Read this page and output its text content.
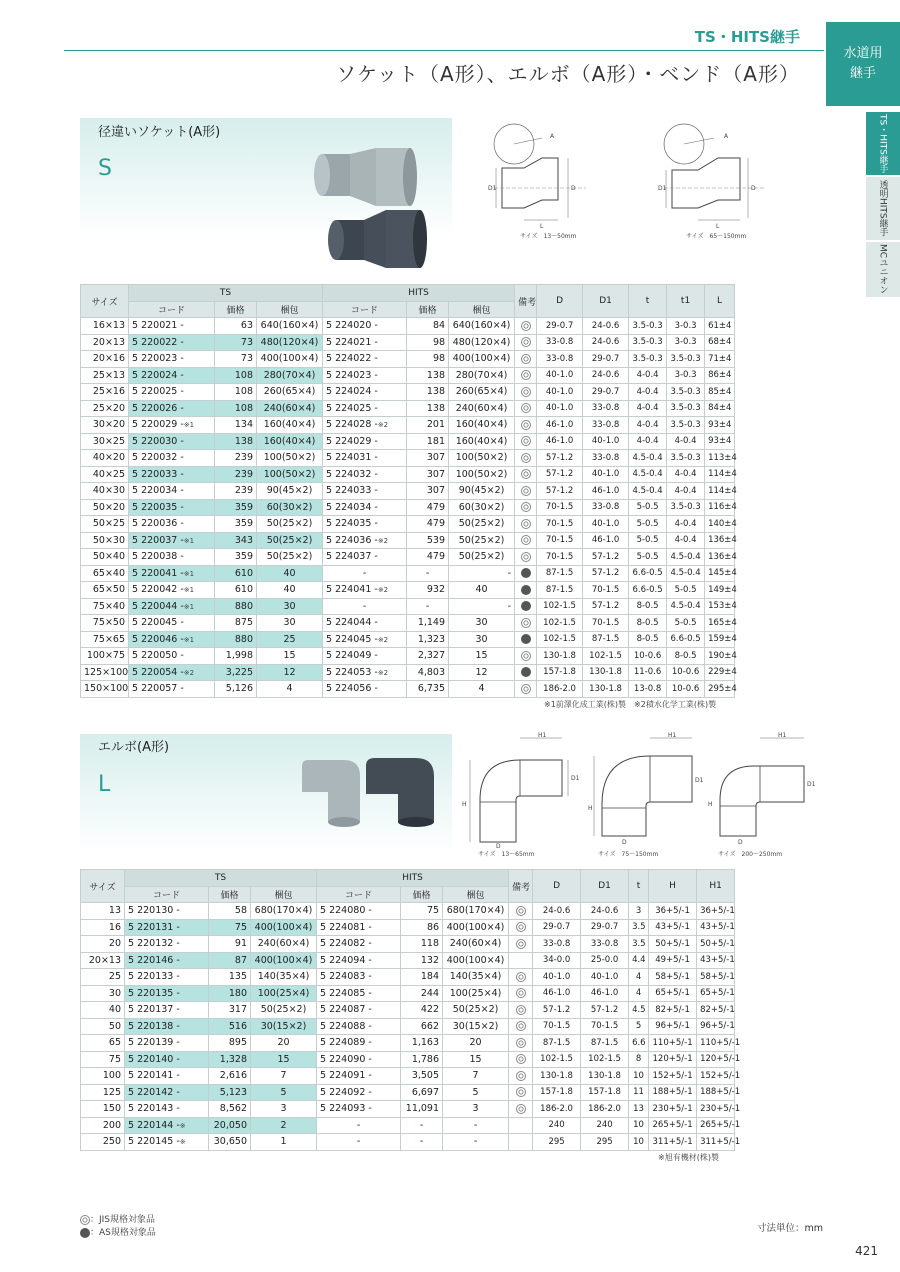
TS・HITS継手
ソケット（A形）、エルボ（A形）・ベンド（A形）
水道用
継手
TS・HITS継手
透明HITS継手
MCユニオン
径違いソケット(A形)
S
A
D
D1
L
サイズ　13〜50mm
A
D
D1
L
サイズ　65〜150mm
サイズ	TS			HITS			備考	D	D1	t	t1	L
	コード	価格	梱包	コード	価格	梱包						
16×13	5 220021 -	63	640(160×4)	5 224020 -	84	640(160×4)		29-0.7	24-0.6	3.5-0.3	3-0.3	61±4
20×13	5 220022 -	73	480(120×4)	5 224021 -	98	480(120×4)		33-0.8	24-0.6	3.5-0.3	3-0.3	68±4
20×16	5 220023 -	73	400(100×4)	5 224022 -	98	400(100×4)		33-0.8	29-0.7	3.5-0.3	3.5-0.3	71±4
25×13	5 220024 -	108	280(70×4)	5 224023 -	138	280(70×4)		40-1.0	24-0.6	4-0.4	3-0.3	86±4
25×16	5 220025 -	108	260(65×4)	5 224024 -	138	260(65×4)		40-1.0	29-0.7	4-0.4	3.5-0.3	85±4
25×20	5 220026 -	108	240(60×4)	5 224025 -	138	240(60×4)		40-1.0	33-0.8	4-0.4	3.5-0.3	84±4
30×20	5 220029 -※1	134	160(40×4)	5 224028 -※2	201	160(40×4)		46-1.0	33-0.8	4-0.4	3.5-0.3	93±4
30×25	5 220030 -	138	160(40×4)	5 224029 -	181	160(40×4)		46-1.0	40-1.0	4-0.4	4-0.4	93±4
40×20	5 220032 -	239	100(50×2)	5 224031 -	307	100(50×2)		57-1.2	33-0.8	4.5-0.4	3.5-0.3	113±4
40×25	5 220033 -	239	100(50×2)	5 224032 -	307	100(50×2)		57-1.2	40-1.0	4.5-0.4	4-0.4	114±4
40×30	5 220034 -	239	90(45×2)	5 224033 -	307	90(45×2)		57-1.2	46-1.0	4.5-0.4	4-0.4	114±4
50×20	5 220035 -	359	60(30×2)	5 224034 -	479	60(30×2)		70-1.5	33-0.8	5-0.5	3.5-0.3	116±4
50×25	5 220036 -	359	50(25×2)	5 224035 -	479	50(25×2)		70-1.5	40-1.0	5-0.5	4-0.4	140±4
50×30	5 220037 -※1	343	50(25×2)	5 224036 -※2	539	50(25×2)		70-1.5	46-1.0	5-0.5	4-0.4	136±4
50×40	5 220038 -	359	50(25×2)	5 224037 -	479	50(25×2)		70-1.5	57-1.2	5-0.5	4.5-0.4	136±4
65×40	5 220041 -※1	610	40	-	-	-		87-1.5	57-1.2	6.6-0.5	4.5-0.4	145±4
65×50	5 220042 -※1	610	40	5 224041 -※2	932	40		87-1.5	70-1.5	6.6-0.5	5-0.5	149±4
75×40	5 220044 -※1	880	30	-	-	-		102-1.5	57-1.2	8-0.5	4.5-0.4	153±4
75×50	5 220045 -	875	30	5 224044 -	1,149	30		102-1.5	70-1.5	8-0.5	5-0.5	165±4
75×65	5 220046 -※1	880	25	5 224045 -※2	1,323	30		102-1.5	87-1.5	8-0.5	6.6-0.5	159±4
100×75	5 220050 -	1,998	15	5 224049 -	2,327	15		130-1.8	102-1.5	10-0.6	8-0.5	190±4
125×100	5 220054 -※2	3,225	12	5 224053 -※2	4,803	12		157-1.8	130-1.8	11-0.6	10-0.6	229±4
150×100	5 220057 -	5,126	4	5 224056 -	6,735	4		186-2.0	130-1.8	13-0.8	10-0.6	295±4
※1前澤化成工業(株)製　※2積水化学工業(株)製
エルボ(A形)
L
H1
H
D1
D
サイズ　13〜65mm
H1
H
D1
D
サイズ　75〜150mm
H1
H
D1
D
サイズ　200〜250mm
サイズ	TS			HITS			備考	D	D1	t	H	H1
	コード	価格	梱包	コード	価格	梱包						
13	5 220130 -	58	680(170×4)	5 224080 -	75	680(170×4)		24-0.6	24-0.6	3	36+5/-1	36+5/-1
16	5 220131 -	75	400(100×4)	5 224081 -	86	400(100×4)		29-0.7	29-0.7	3.5	43+5/-1	43+5/-1
20	5 220132 -	91	240(60×4)	5 224082 -	118	240(60×4)		33-0.8	33-0.8	3.5	50+5/-1	50+5/-1
20×13	5 220146 -	87	400(100×4)	5 224094 -	132	400(100×4)		34-0.0	25-0.0	4.4	49+5/-1	43+5/-1
25	5 220133 -	135	140(35×4)	5 224083 -	184	140(35×4)		40-1.0	40-1.0	4	58+5/-1	58+5/-1
30	5 220135 -	180	100(25×4)	5 224085 -	244	100(25×4)		46-1.0	46-1.0	4	65+5/-1	65+5/-1
40	5 220137 -	317	50(25×2)	5 224087 -	422	50(25×2)		57-1.2	57-1.2	4.5	82+5/-1	82+5/-1
50	5 220138 -	516	30(15×2)	5 224088 -	662	30(15×2)		70-1.5	70-1.5	5	96+5/-1	96+5/-1
65	5 220139 -	895	20	5 224089 -	1,163	20		87-1.5	87-1.5	6.6	110+5/-1	110+5/-1
75	5 220140 -	1,328	15	5 224090 -	1,786	15		102-1.5	102-1.5	8	120+5/-1	120+5/-1
100	5 220141 -	2,616	7	5 224091 -	3,505	7		130-1.8	130-1.8	10	152+5/-1	152+5/-1
125	5 220142 -	5,123	5	5 224092 -	6,697	5		157-1.8	157-1.8	11	188+5/-1	188+5/-1
150	5 220143 -	8,562	3	5 224093 -	11,091	3		186-2.0	186-2.0	13	230+5/-1	230+5/-1
200	5 220144 -※	20,050	2	-	-	-		240	240	10	265+5/-1	265+5/-1
250	5 220145 -※	30,650	1	-	-	-		295	295	10	311+5/-1	311+5/-1
※旭有機材(株)製
：JIS規格対象品
：AS規格対象品	寸法単位：mm
421
